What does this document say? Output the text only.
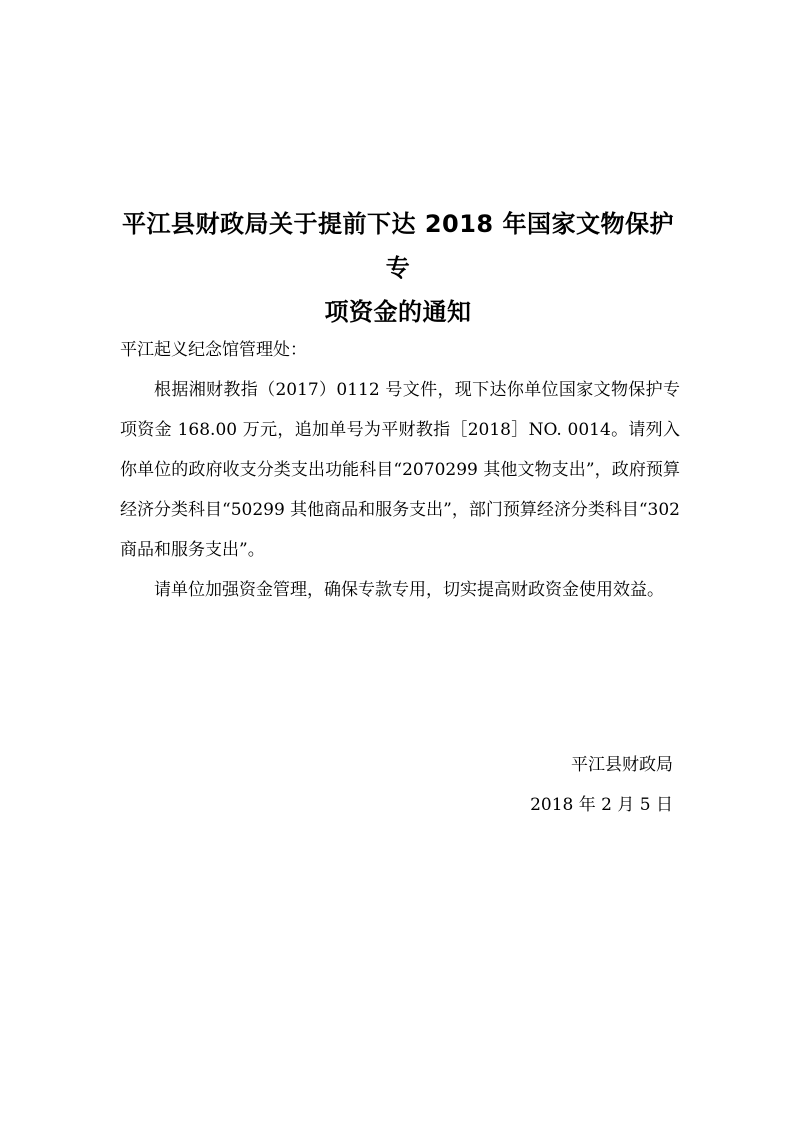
平江县财政局关于提前下达 2018 年国家文物保护专
项资金的通知

平江起义纪念馆管理处：

根据湘财教指（2017）0112 号文件，现下达你单位国家文物保护专项资金 168.00 万元，追加单号为平财教指［2018］NO. 0014。请列入你单位的政府收支分类支出功能科目“2070299 其他文物支出”，政府预算经济分类科目“50299 其他商品和服务支出”，部门预算经济分类科目“302 商品和服务支出”。

请单位加强资金管理，确保专款专用，切实提高财政资金使用效益。

平江县财政局
2018 年 2 月 5 日
